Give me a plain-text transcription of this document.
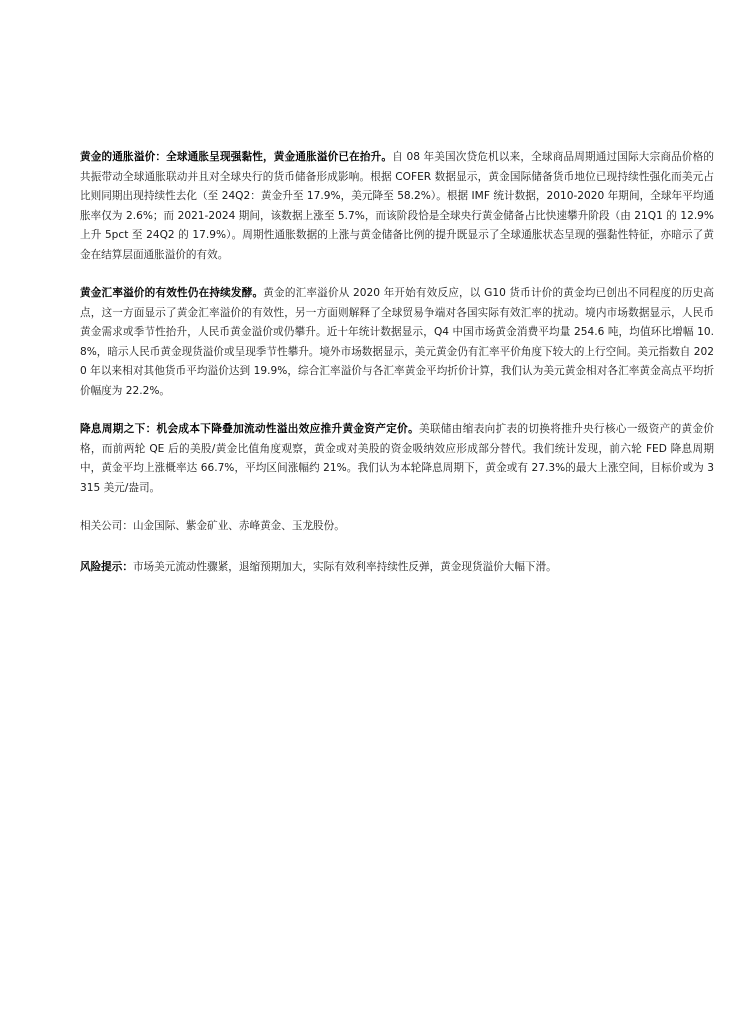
黄金的通胀溢价：全球通胀呈现强黏性，黄金通胀溢价已在抬升。自 08 年美国次贷危机以来，全球商品周期通过国际大宗商品价格的共振带动全球通胀联动并且对全球央行的货币储备形成影响。根据 COFER 数据显示，黄金国际储备货币地位已现持续性强化而美元占比则同期出现持续性去化（至 24Q2：黄金升至 17.9%，美元降至 58.2%）。根据 IMF 统计数据，2010-2020 年期间，全球年平均通胀率仅为 2.6%；而 2021-2024 期间，该数据上涨至 5.7%，而该阶段恰是全球央行黄金储备占比快速攀升阶段（由 21Q1 的 12.9%上升 5pct 至 24Q2 的 17.9%）。周期性通胀数据的上涨与黄金储备比例的提升既显示了全球通胀状态呈现的强黏性特征，亦暗示了黄金在结算层面通胀溢价的有效。

黄金汇率溢价的有效性仍在持续发酵。黄金的汇率溢价从 2020 年开始有效反应，以 G10 货币计价的黄金均已创出不同程度的历史高点，这一方面显示了黄金汇率溢价的有效性，另一方面则解释了全球贸易争端对各国实际有效汇率的扰动。境内市场数据显示，人民币黄金需求或季节性抬升，人民币黄金溢价或仍攀升。近十年统计数据显示，Q4 中国市场黄金消费平均量 254.6 吨，均值环比增幅 10.8%，暗示人民币黄金现货溢价或呈现季节性攀升。境外市场数据显示，美元黄金仍有汇率平价角度下较大的上行空间。美元指数自 2020 年以来相对其他货币平均溢价达到 19.9%，综合汇率溢价与各汇率黄金平均折价计算，我们认为美元黄金相对各汇率黄金高点平均折价幅度为 22.2%。

降息周期之下：机会成本下降叠加流动性溢出效应推升黄金资产定价。美联储由缩表向扩表的切换将推升央行核心一级资产的黄金价格，而前两轮 QE 后的美股/黄金比值角度观察，黄金或对美股的资金吸纳效应形成部分替代。我们统计发现，前六轮 FED 降息周期中，黄金平均上涨概率达 66.7%，平均区间涨幅约 21%。我们认为本轮降息周期下，黄金或有 27.3%的最大上涨空间，目标价或为 3315 美元/盎司。

相关公司：山金国际、紫金矿业、赤峰黄金、玉龙股份。

风险提示：市场美元流动性骤紧，退缩预期加大，实际有效利率持续性反弹，黄金现货溢价大幅下滑。
